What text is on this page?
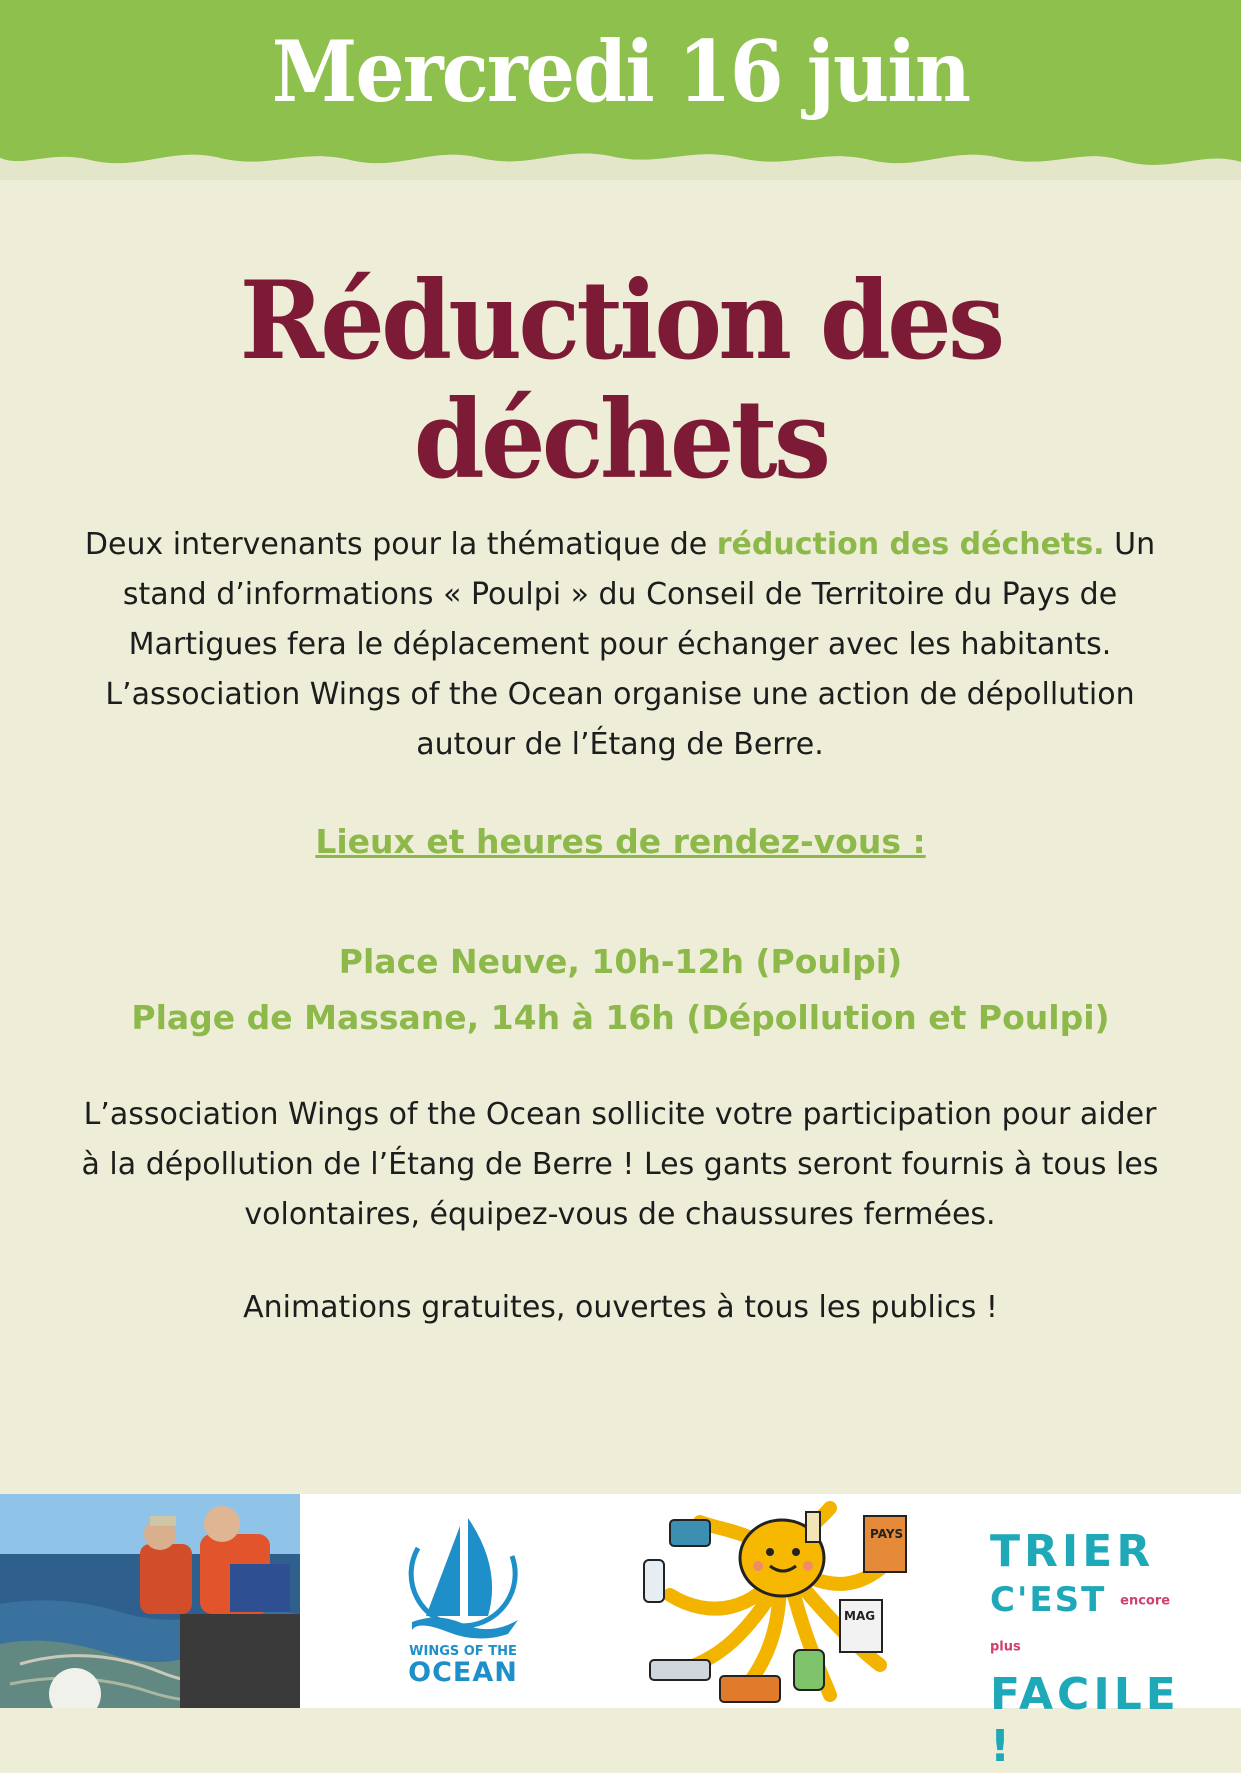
Mercredi 16 juin
Réduction des déchets
Deux intervenants pour la thématique de réduction des déchets. Un stand d’informations « Poulpi » du Conseil de Territoire du Pays de Martigues fera le déplacement pour échanger avec les habitants. L’association Wings of the Ocean organise une action de dépollution autour de l’Étang de Berre.
Lieux et heures de rendez-vous :
Place Neuve, 10h-12h (Poulpi)
Plage de Massane, 14h à 16h (Dépollution et Poulpi)
L’association Wings of the Ocean sollicite votre participation pour aider à la dépollution de l’Étang de Berre ! Les gants seront fournis à tous les volontaires, équipez-vous de chaussures fermées.
Animations gratuites, ouvertes à tous les publics !
WINGS OF THE
OCEAN
PAYS
MAG
TRIER
C'EST encore plus
FACILE !
